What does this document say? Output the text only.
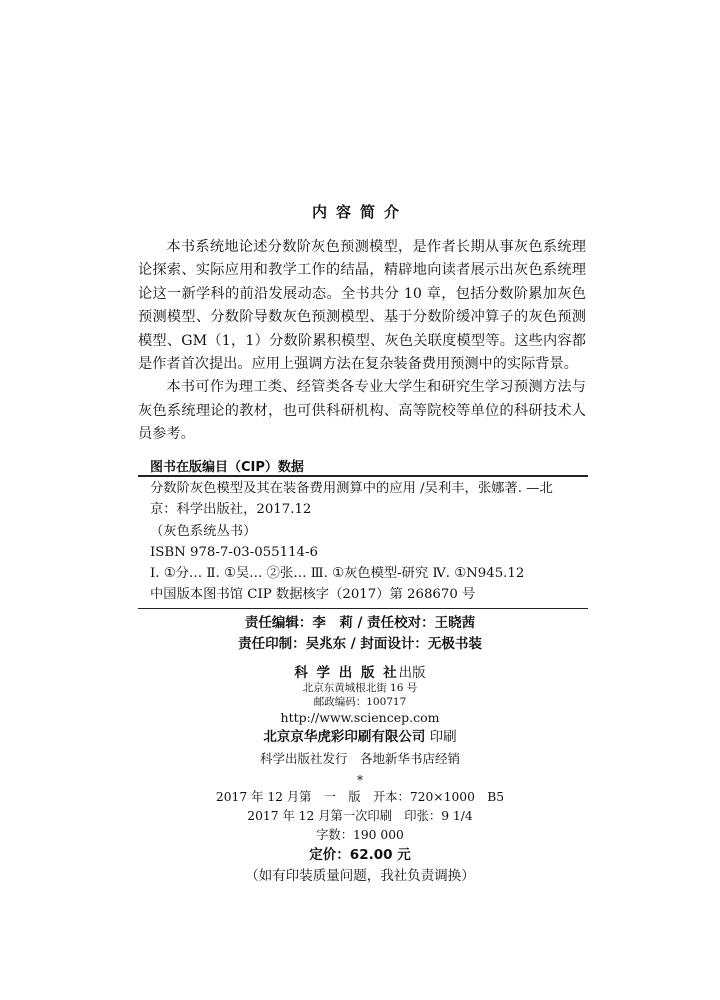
内容简介

本书系统地论述分数阶灰色预测模型，是作者长期从事灰色系统理论探索、实际应用和教学工作的结晶，精辟地向读者展示出灰色系统理论这一新学科的前沿发展动态。全书共分 10 章，包括分数阶累加灰色预测模型、分数阶导数灰色预测模型、基于分数阶缓冲算子的灰色预测模型、GM（1，1）分数阶累积模型、灰色关联度模型等。这些内容都是作者首次提出。应用上强调方法在复杂装备费用预测中的实际背景。

本书可作为理工类、经管类各专业大学生和研究生学习预测方法与灰色系统理论的教材，也可供科研机构、高等院校等单位的科研技术人员参考。

图书在版编目（CIP）数据
分数阶灰色模型及其在装备费用测算中的应用 /吴利丰，张娜著. —北
京：科学出版社，2017.12
（灰色系统丛书）
ISBN 978-7-03-055114-6
Ⅰ. ①分… Ⅱ. ①吴… ②张… Ⅲ. ①灰色模型-研究 Ⅳ. ①N945.12
中国版本图书馆 CIP 数据核字（2017）第 268670 号
责任编辑：李　莉 / 责任校对：王晓茜
责任印制：吴兆东 / 封面设计：无极书装
科 学 出 版 社出版
北京东黄城根北街 16 号
邮政编码：100717
http://www.sciencep.com
北京京华虎彩印刷有限公司 印刷
科学出版社发行　各地新华书店经销
*
2017 年 12 月第　一　版　开本：720×1000　B5
2017 年 12 月第一次印刷　印张：9 1/4
字数：190 000
定价：62.00 元
（如有印装质量问题，我社负责调换）
